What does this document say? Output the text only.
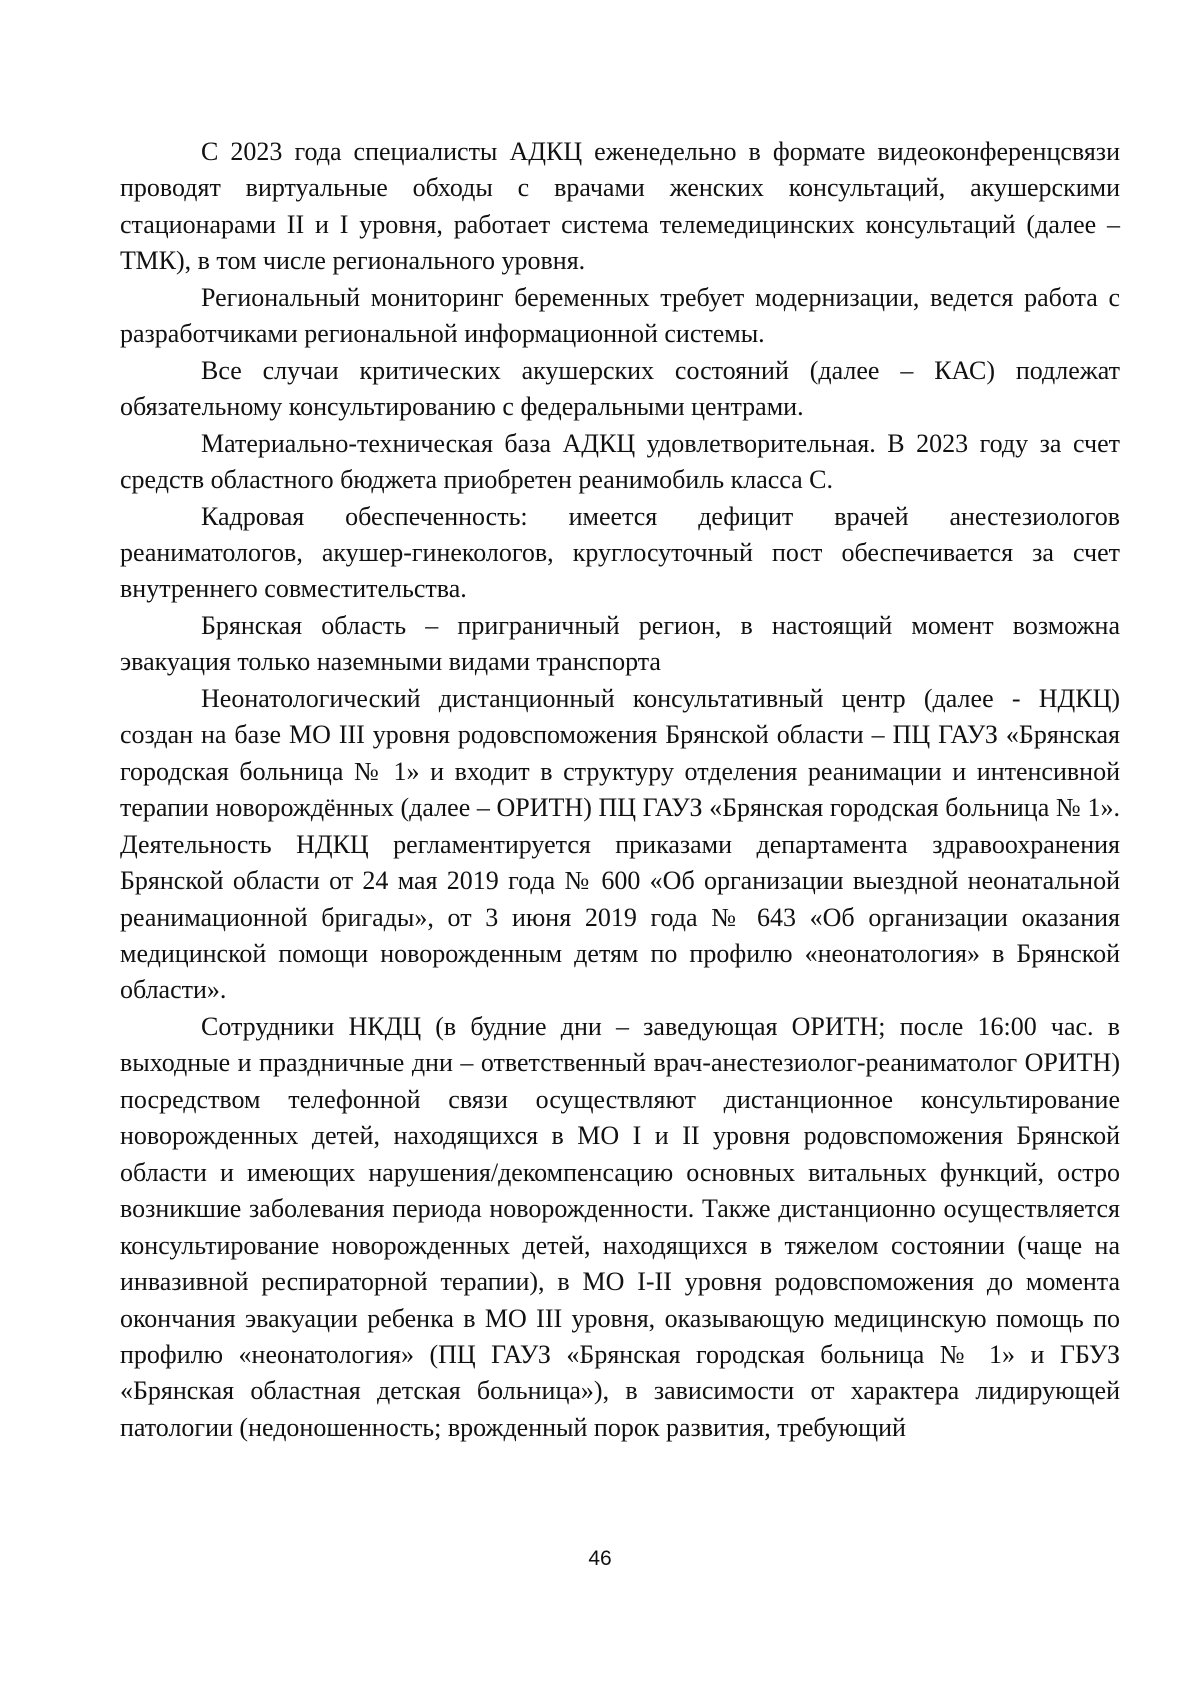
С 2023 года специалисты АДКЦ еженедельно в формате видеоконференцсвязи проводят виртуальные обходы с врачами женских консультаций, акушерскими стационарами II и I уровня, работает система телемедицинских консультаций (далее – ТМК), в том числе регионального уровня.

Региональный мониторинг беременных требует модернизации, ведется работа с разработчиками региональной информационной системы.

Все случаи критических акушерских состояний (далее – КАС) подлежат обязательному консультированию с федеральными центрами.

Материально-техническая база АДКЦ удовлетворительная. В 2023 году за счет средств областного бюджета приобретен реанимобиль класса С.

Кадровая обеспеченность: имеется дефицит врачей анестезиологов реаниматологов, акушер-гинекологов, круглосуточный пост обеспечивается за счет внутреннего совместительства.

Брянская область – приграничный регион, в настоящий момент возможна эвакуация только наземными видами транспорта

Неонатологический дистанционный консультативный центр (далее - НДКЦ) создан на базе МО III уровня родовспоможения Брянской области – ПЦ ГАУЗ «Брянская городская больница № 1» и входит в структуру отделения реанимации и интенсивной терапии новорождённых (далее – ОРИТН) ПЦ ГАУЗ «Брянская городская больница № 1». Деятельность НДКЦ регламентируется приказами департамента здравоохранения Брянской области от 24 мая 2019 года № 600 «Об организации выездной неонатальной реанимационной бригады», от 3 июня 2019 года № 643 «Об организации оказания медицинской помощи новорожденным детям по профилю «неонатология» в Брянской области».

Сотрудники НКДЦ (в будние дни – заведующая ОРИТН; после 16:00 час. в выходные и праздничные дни – ответственный врач-анестезиолог-реаниматолог ОРИТН) посредством телефонной связи осуществляют дистанционное консультирование новорожденных детей, находящихся в МО I и II уровня родовспоможения Брянской области и имеющих нарушения/декомпенсацию основных витальных функций, остро возникшие заболевания периода новорожденности. Также дистанционно осуществляется консультирование новорожденных детей, находящихся в тяжелом состоянии (чаще на инвазивной респираторной терапии), в МО I-II уровня родовспоможения до момента окончания эвакуации ребенка в МО III уровня, оказывающую медицинскую помощь по профилю «неонатология» (ПЦ ГАУЗ «Брянская городская больница № 1» и ГБУЗ «Брянская областная детская больница»), в зависимости от характера лидирующей патологии (недоношенность; врожденный порок развития, требующий

46
